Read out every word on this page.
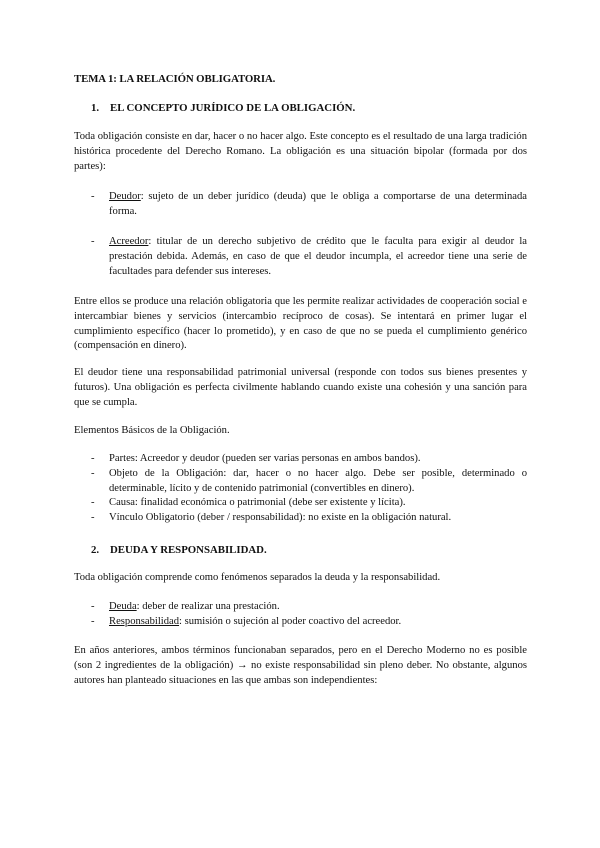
TEMA 1: LA RELACIÓN OBLIGATORIA.
1. EL CONCEPTO JURÍDICO DE LA OBLIGACIÓN.

Toda obligación consiste en dar, hacer o no hacer algo. Este concepto es el resultado de una larga tradición histórica procedente del Derecho Romano. La obligación es una situación bipolar (formada por dos partes):

- Deudor: sujeto de un deber jurídico (deuda) que le obliga a comportarse de una determinada forma.
- Acreedor: titular de un derecho subjetivo de crédito que le faculta para exigir al deudor la prestación debida. Además, en caso de que el deudor incumpla, el acreedor tiene una serie de facultades para defender sus intereses.

Entre ellos se produce una relación obligatoria que les permite realizar actividades de cooperación social e intercambiar bienes y servicios (intercambio recíproco de cosas). Se intentará en primer lugar el cumplimiento específico (hacer lo prometido), y en caso de que no se pueda el cumplimiento genérico (compensación en dinero).

El deudor tiene una responsabilidad patrimonial universal (responde con todos sus bienes presentes y futuros). Una obligación es perfecta civilmente hablando cuando existe una cohesión y una sanción para que se cumpla.

Elementos Básicos de la Obligación.

- Partes: Acreedor y deudor (pueden ser varias personas en ambos bandos).
- Objeto de la Obligación: dar, hacer o no hacer algo. Debe ser posible, determinado o determinable, lícito y de contenido patrimonial (convertibles en dinero).
- Causa: finalidad económica o patrimonial (debe ser existente y lícita).
- Vínculo Obligatorio (deber / responsabilidad): no existe en la obligación natural.
2. DEUDA Y RESPONSABILIDAD.

Toda obligación comprende como fenómenos separados la deuda y la responsabilidad.

- Deuda: deber de realizar una prestación.
- Responsabilidad: sumisión o sujeción al poder coactivo del acreedor.

En años anteriores, ambos términos funcionaban separados, pero en el Derecho Moderno no es posible (son 2 ingredientes de la obligación) → no existe responsabilidad sin pleno deber. No obstante, algunos autores han planteado situaciones en las que ambas son independientes:
